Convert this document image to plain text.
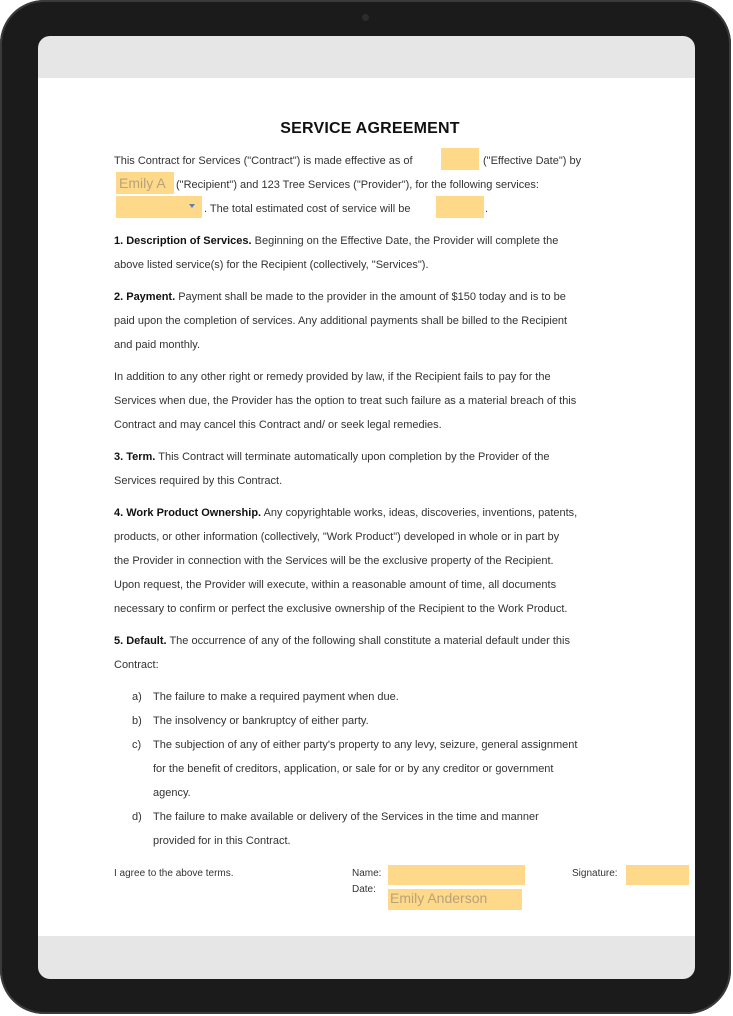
SERVICE AGREEMENT
This Contract for Services ("Contract") is made effective as of	("Effective Date") by
Emily A ("Recipient") and 123 Tree Services ("Provider"), for the following services:
. The total estimated cost of service will be	.
1. Description of Services. Beginning on the Effective Date, the Provider will complete the
above listed service(s) for the Recipient (collectively, "Services").
2. Payment. Payment shall be made to the provider in the amount of $150 today and is to be
paid upon the completion of services. Any additional payments shall be billed to the Recipient
and paid monthly.
In addition to any other right or remedy provided by law, if the Recipient fails to pay for the
Services when due, the Provider has the option to treat such failure as a material breach of this
Contract and may cancel this Contract and/ or seek legal remedies.
3. Term. This Contract will terminate automatically upon completion by the Provider of the
Services required by this Contract.
4. Work Product Ownership. Any copyrightable works, ideas, discoveries, inventions, patents,
products, or other information (collectively, "Work Product") developed in whole or in part by
the Provider in connection with the Services will be the exclusive property of the Recipient.
Upon request, the Provider will execute, within a reasonable amount of time, all documents
necessary to confirm or perfect the exclusive ownership of the Recipient to the Work Product.
5. Default. The occurrence of any of the following shall constitute a material default under this
Contract:
a) The failure to make a required payment when due.
b) The insolvency or bankruptcy of either party.
c) The subjection of any of either party's property to any levy, seizure, general assignment
for the benefit of creditors, application, or sale for or by any creditor or government
agency.
d) The failure to make available or delivery of the Services in the time and manner
provided for in this Contract.
I agree to the above terms.	Name:
Date:
Emily Anderson
Signature:
